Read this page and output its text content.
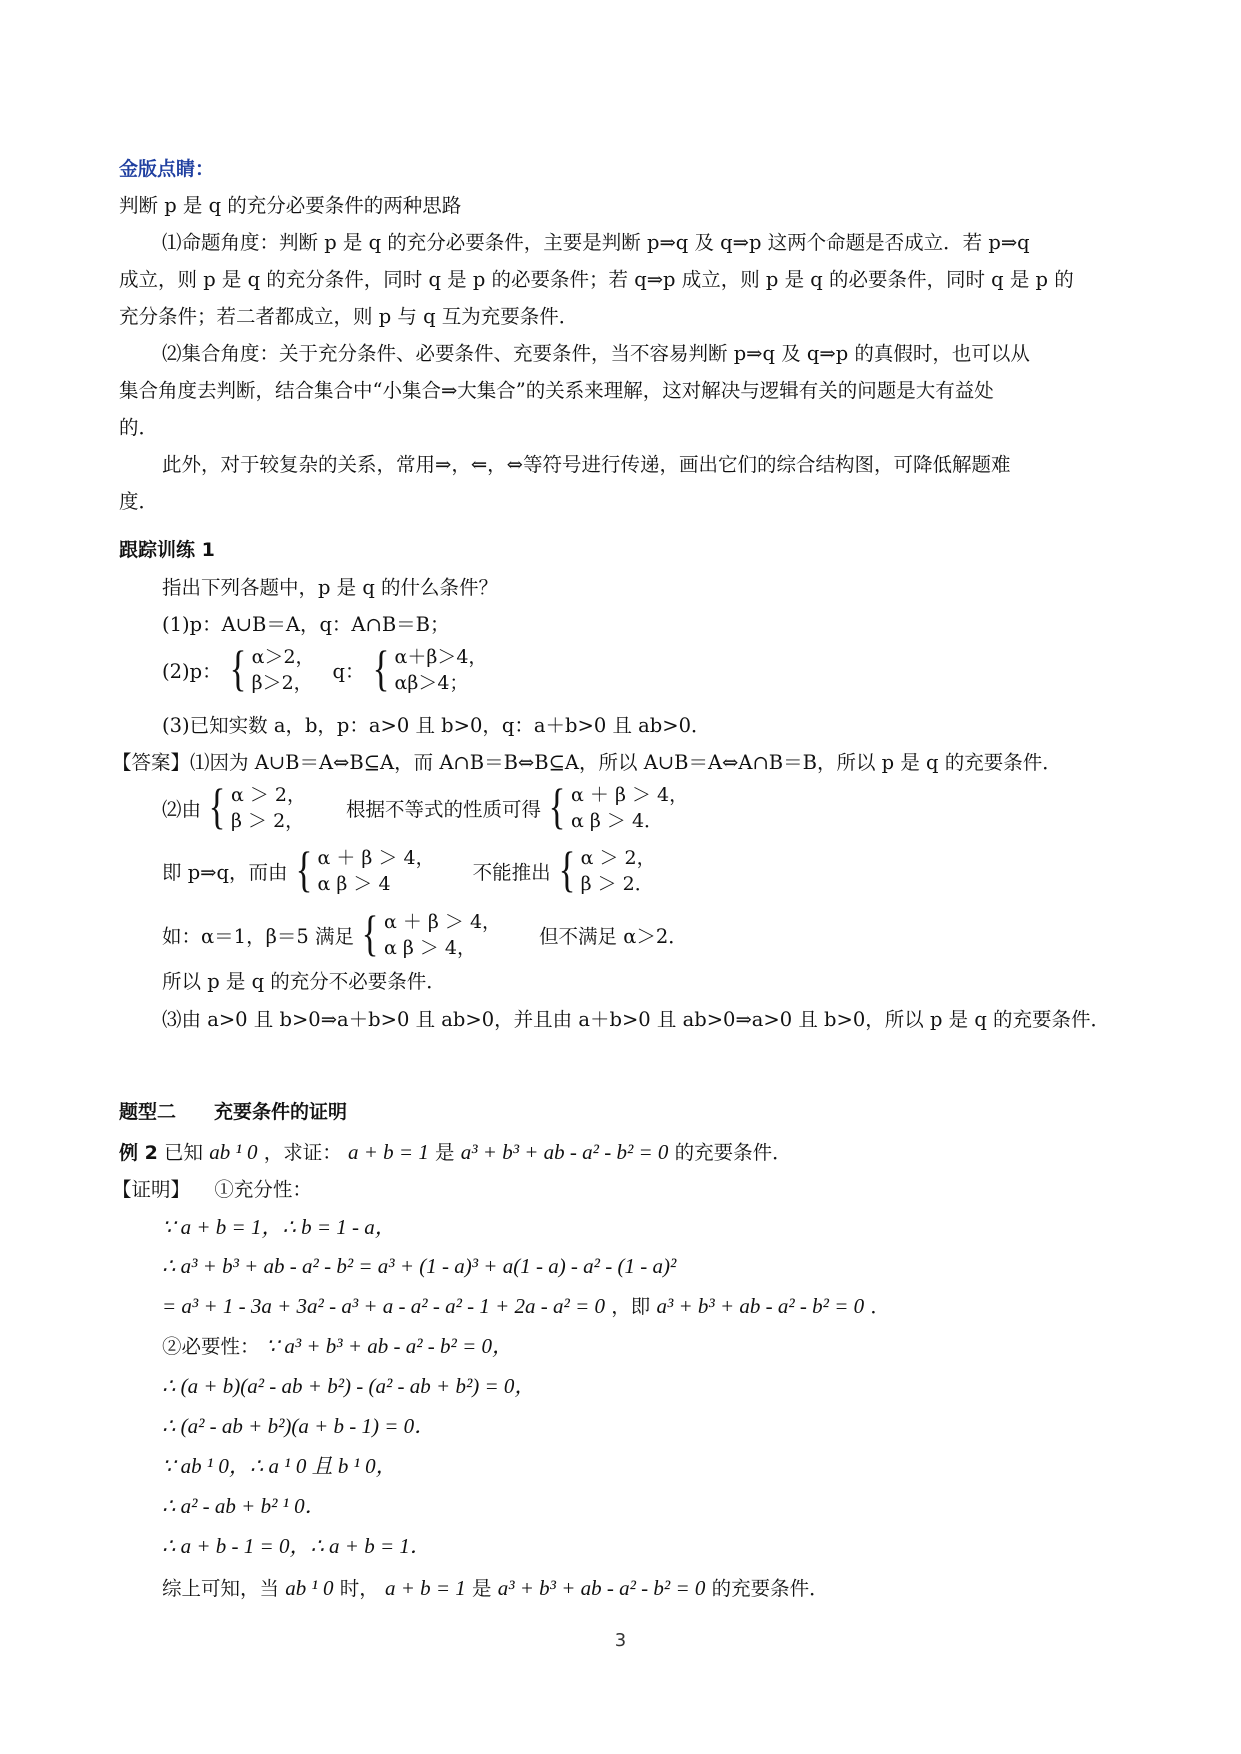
金版点睛：
判断 p 是 q 的充分必要条件的两种思路
⑴命题角度：判断 p 是 q 的充分必要条件，主要是判断 p⇒q 及 q⇒p 这两个命题是否成立．若 p⇒q
成立，则 p 是 q 的充分条件，同时 q 是 p 的必要条件；若 q⇒p 成立，则 p 是 q 的必要条件，同时 q 是 p 的
充分条件；若二者都成立，则 p 与 q 互为充要条件．
⑵集合角度：关于充分条件、必要条件、充要条件，当不容易判断 p⇒q 及 q⇒p 的真假时，也可以从
集合角度去判断，结合集合中“小集合⇒大集合”的关系来理解，这对解决与逻辑有关的问题是大有益处
的．
此外，对于较复杂的关系，常用⇒，⇐，⇔等符号进行传递，画出它们的综合结构图，可降低解题难
度．
跟踪训练 1
指出下列各题中，p 是 q 的什么条件？
(1)p：A∪B＝A，q：A∩B＝B；
(2)p： { α＞2，
β＞2， q： { α＋β＞4，
αβ＞4；
(3)已知实数 a，b，p：a>0 且 b>0，q：a＋b>0 且 ab>0．
【答案】⑴因为 A∪B＝A⇔B⊆A，而 A∩B＝B⇔B⊆A，所以 A∪B＝A⇔A∩B＝B，所以 p 是 q 的充要条件．
⑵由 { α ＞ 2，
β ＞ 2， 根据不等式的性质可得 { α ＋ β ＞ 4，
α β ＞ 4．
即 p⇒q，而由 { α ＋ β ＞ 4，
α β ＞ 4	不能推出 { α ＞ 2，
β ＞ 2．
如：α＝1，β＝5 满足 { α ＋ β ＞ 4，
α β ＞ 4，	但不满足 α＞2．
所以 p 是 q 的充分不必要条件．
⑶由 a>0 且 b>0⇒a＋b>0 且 ab>0，并且由 a＋b>0 且 ab>0⇒a>0 且 b>0，所以 p 是 q 的充要条件．
题型二　　充要条件的证明
例 2 已知 ab ¹ 0 ，求证： a + b = 1 是 a³ + b³ + ab - a² - b² = 0 的充要条件．
【证明】 ①充分性：
∵ a + b = 1，∴ b = 1 - a，
∴ a³ + b³ + ab - a² - b² = a³ + (1 - a)³ + a(1 - a) - a² - (1 - a)²
= a³ + 1 - 3a + 3a² - a³ + a - a² - a² - 1 + 2a - a² = 0 ，即 a³ + b³ + ab - a² - b² = 0 ．
②必要性： ∵ a³ + b³ + ab - a² - b² = 0，
∴ (a + b)(a² - ab + b²) - (a² - ab + b²) = 0，
∴ (a² - ab + b²)(a + b - 1) = 0．
∵ ab ¹ 0，∴ a ¹ 0 且 b ¹ 0，
∴ a² - ab + b² ¹ 0．
∴ a + b - 1 = 0，∴ a + b = 1．
综上可知，当 ab ¹ 0 时， a + b = 1 是 a³ + b³ + ab - a² - b² = 0 的充要条件．
3
